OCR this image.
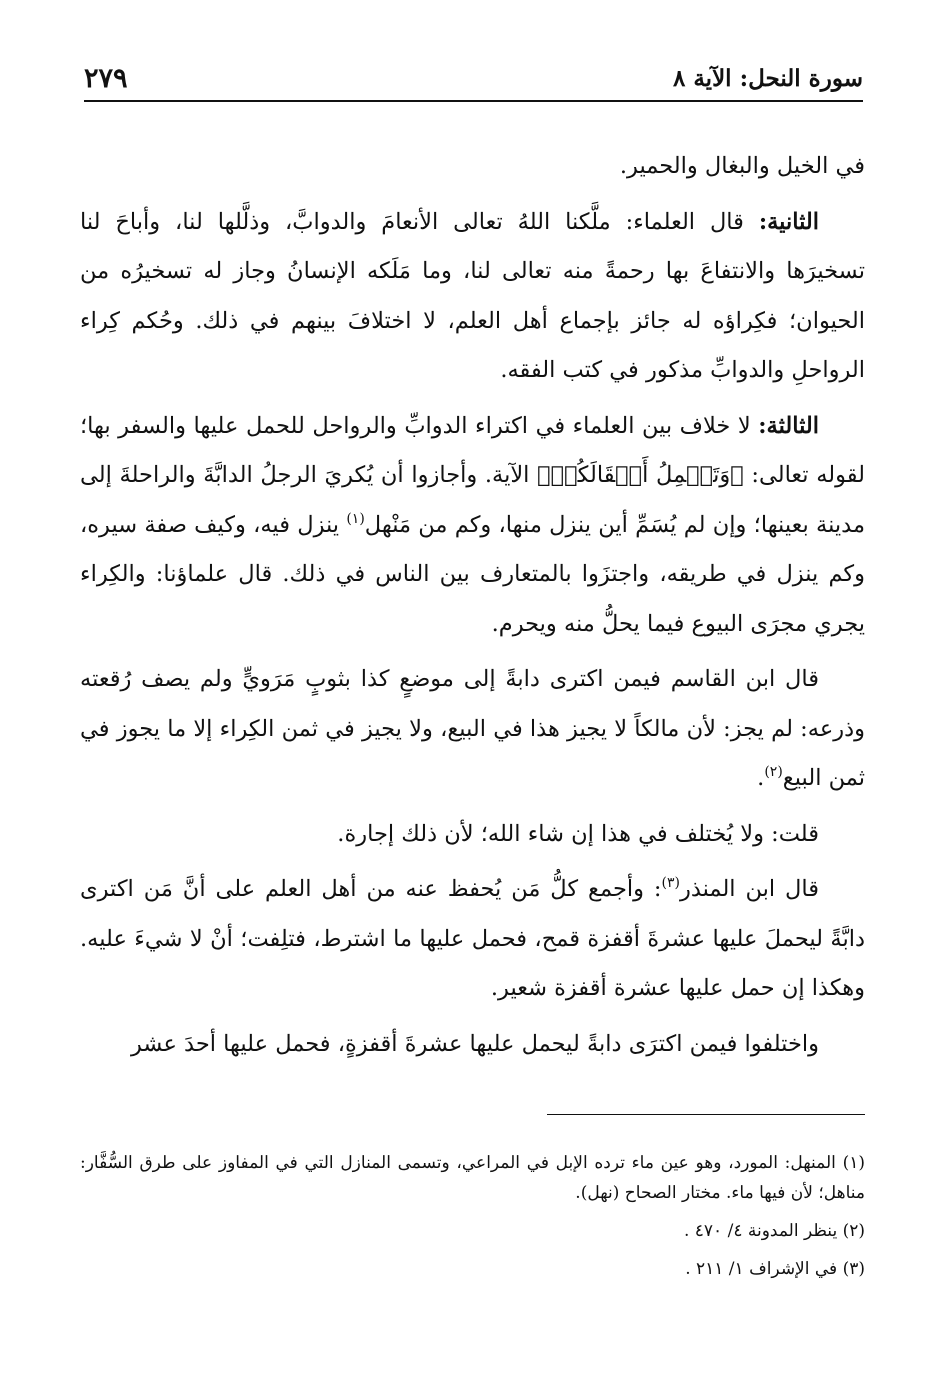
سورة النحل: الآية ٨
٢٧٩

في الخيل والبغال والحمير.

الثانية: قال العلماء: ملَّكنا اللهُ تعالى الأنعامَ والدوابَّ، وذلَّلها لنا، وأباحَ لنا تسخيرَها والانتفاعَ بها رحمةً منه تعالى لنا، وما مَلَكه الإنسانُ وجاز له تسخيرُه من الحيوان؛ فكِراؤه له جائز بإجماع أهل العلم، لا اختلافَ بينهم في ذلك. وحُكم كِراء الرواحلِ والدوابِّ مذكور في كتب الفقه.

الثالثة: لا خلاف بين العلماء في اكتراء الدوابِّ والرواحل للحمل عليها والسفر بها؛ لقوله تعالى: ﴿وَتَحۡمِلُ أَثۡقَالَكُمۡ﴾ الآية. وأجازوا أن يُكريَ الرجلُ الدابَّةَ والراحلةَ إلى مدينة بعينها؛ وإن لم يُسَمِّ أين ينزل منها، وكم من مَنْهل$^{(١)}$ ينزل فيه، وكيف صفة سيره، وكم ينزل في طريقه، واجتزَوا بالمتعارف بين الناس في ذلك. قال علماؤنا: والكِراء يجري مجرَى البيوع فيما يحلُّ منه ويحرم.

قال ابن القاسم فيمن اكترى دابةً إلى موضعٍ كذا بثوبٍ مَرَويٍّ ولم يصف رُقعته وذرعه: لم يجز: لأن مالكاً لا يجيز هذا في البيع، ولا يجيز في ثمن الكِراء إلا ما يجوز في ثمن البيع$^{(٢)}$.

قلت: ولا يُختلف في هذا إن شاء الله؛ لأن ذلك إجارة.

قال ابن المنذر$^{(٣)}$: وأجمع كلُّ مَن يُحفظ عنه من أهل العلم على أنَّ مَن اكترى دابَّةً ليحملَ عليها عشرةَ أقفزة قمح، فحمل عليها ما اشترط، فتلِفت؛ أنْ لا شيءَ عليه. وهكذا إن حمل عليها عشرة أقفزة شعير.

واختلفوا فيمن اكترَى دابةً ليحمل عليها عشرةَ أقفزةٍ، فحمل عليها أحدَ عشر

(١) المنهل: المورد، وهو عين ماء ترده الإبل في المراعي، وتسمى المنازل التي في المفاوز على طرق السُّفَّار: مناهل؛ لأن فيها ماء. مختار الصحاح (نهل).

(٢) ينظر المدونة ٤/ ٤٧٠ .

(٣) في الإشراف ١/ ٢١١ .
